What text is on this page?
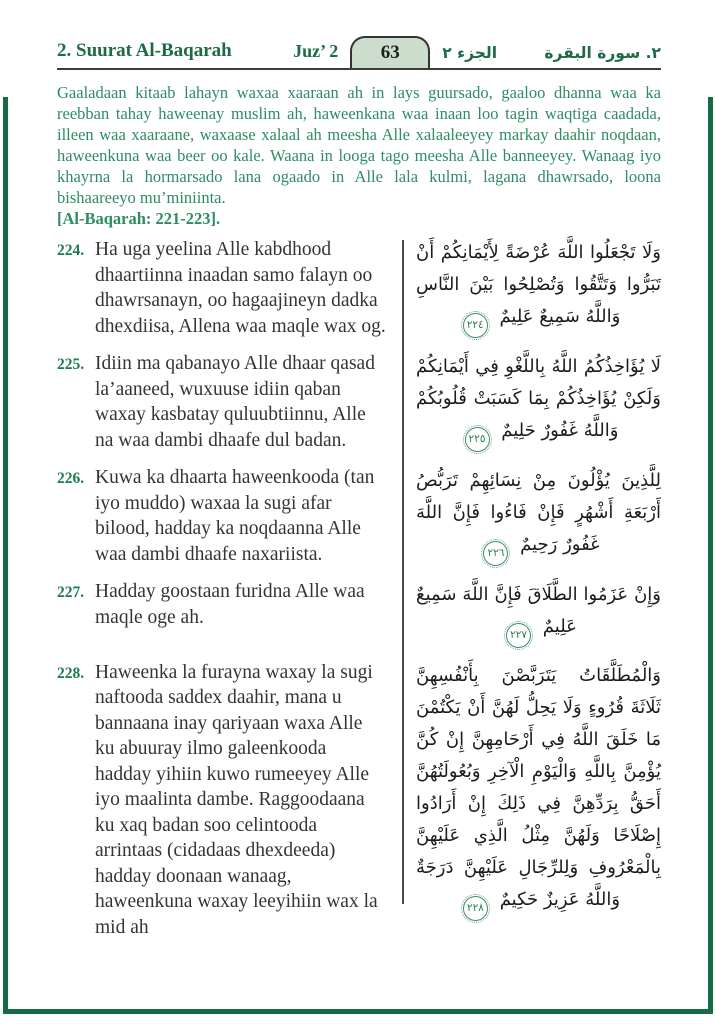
2. Suurat Al-Baqarah	Juz’ 2 63	الجزء ٢	٢. سورة البقرة

Gaaladaan kitaab lahayn waxaa xaaraan ah in lays guursado, gaaloo dhanna waa ka reebban tahay haweenay muslim ah, haweenkana waa inaan loo tagin waqtiga caadada, illeen waa xaaraane, waxaase xalaal ah meesha Alle xalaaleeyey markay daahir noqdaan, haweenkuna waa beer oo kale. Waana in looga tago meesha Alle banneeyey. Wanaag iyo khayrna la hormarsado lana ogaado in Alle lala kulmi, lagana dhawrsado, loona bishaareeyo mu’miniinta.
[Al-Baqarah: 221-223].

224. Ha uga yeelina Alle kabdhood dhaartiinna inaadan samo falayn oo dhawrsanayn, oo hagaajineyn dadka dhexdiisa, Allena waa maqle wax og.
وَلَا تَجْعَلُوا اللَّهَ عُرْضَةً لِأَيْمَانِكُمْ أَنْ تَبَرُّوا وَتَتَّقُوا وَتُصْلِحُوا بَيْنَ النَّاسِ وَاللَّهُ سَمِيعٌ عَلِيمٌ
٢٢٤
225. Idiin ma qabanayo Alle dhaar qasad la’aaneed, wuxuuse idiin qaban waxay kasbatay quluubtiinnu, Alle na waa dambi dhaafe dul badan.
لَا يُؤَاخِذُكُمُ اللَّهُ بِاللَّغْوِ فِي أَيْمَانِكُمْ وَلَكِنْ يُؤَاخِذُكُمْ بِمَا كَسَبَتْ قُلُوبُكُمْ وَاللَّهُ غَفُورٌ حَلِيمٌ
٢٢٥
226. Kuwa ka dhaarta haweenkooda (tan iyo muddo) waxaa la sugi afar bilood, hadday ka noqdaanna Alle waa dambi dhaafe naxariista.
لِلَّذِينَ يُؤْلُونَ مِنْ نِسَائِهِمْ تَرَبُّصُ أَرْبَعَةِ أَشْهُرٍ فَإِنْ فَاءُوا فَإِنَّ اللَّهَ غَفُورٌ رَحِيمٌ
٢٢٦
227. Hadday goostaan furidna Alle waa maqle oge ah.
وَإِنْ عَزَمُوا الطَّلَاقَ فَإِنَّ اللَّهَ سَمِيعٌ عَلِيمٌ
٢٢٧
228. Haweenka la furayna waxay la sugi naftooda saddex daahir, mana u bannaana inay qariyaan waxa Alle ku abuuray ilmo galeenkooda hadday yihiin kuwo rumeeyey Alle iyo maalinta dambe. Raggoodaana ku xaq badan soo celintooda arrintaas (cidadaas dhexdeeda) hadday doonaan wanaag, haweenkuna waxay leeyihiin wax la mid ah
وَالْمُطَلَّقَاتُ يَتَرَبَّصْنَ بِأَنْفُسِهِنَّ ثَلَاثَةَ قُرُوءٍ وَلَا يَحِلُّ لَهُنَّ أَنْ يَكْتُمْنَ مَا خَلَقَ اللَّهُ فِي أَرْحَامِهِنَّ إِنْ كُنَّ يُؤْمِنَّ بِاللَّهِ وَالْيَوْمِ الْآخِرِ وَبُعُولَتُهُنَّ أَحَقُّ بِرَدِّهِنَّ فِي ذَلِكَ إِنْ أَرَادُوا إِصْلَاحًا وَلَهُنَّ مِثْلُ الَّذِي عَلَيْهِنَّ بِالْمَعْرُوفِ وَلِلرِّجَالِ عَلَيْهِنَّ دَرَجَةٌ وَاللَّهُ عَزِيزٌ حَكِيمٌ
٢٢٨
